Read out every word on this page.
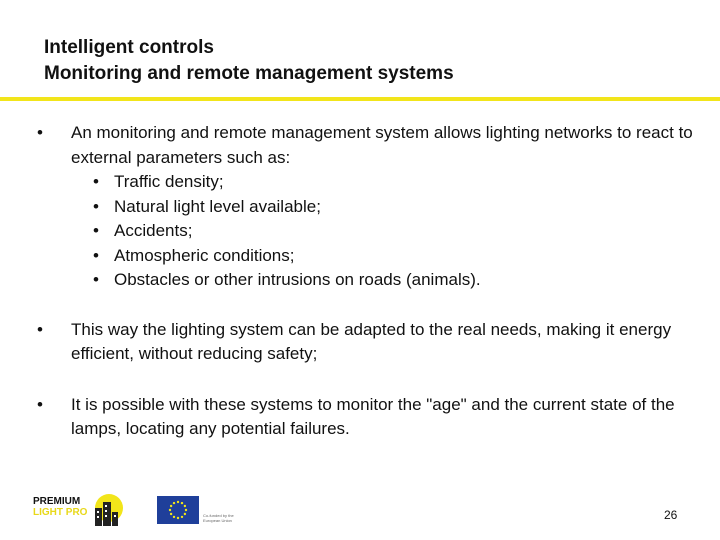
Intelligent controls
Monitoring and remote management systems
•	An monitoring and remote management system allows lighting networks to react to external parameters such as:
• Traffic density;
• Natural light level available;
• Accidents;
• Atmospheric conditions;
• Obstacles or other intrusions on roads (animals).
•	This way the lighting system can be adapted to the real needs, making it energy efficient, without reducing safety;
•	It is possible with these systems to monitor the "age" and the current state of the lamps, locating any potential failures.
PREMIUM
LIGHT PRO	Co-funded by the European Union	26
